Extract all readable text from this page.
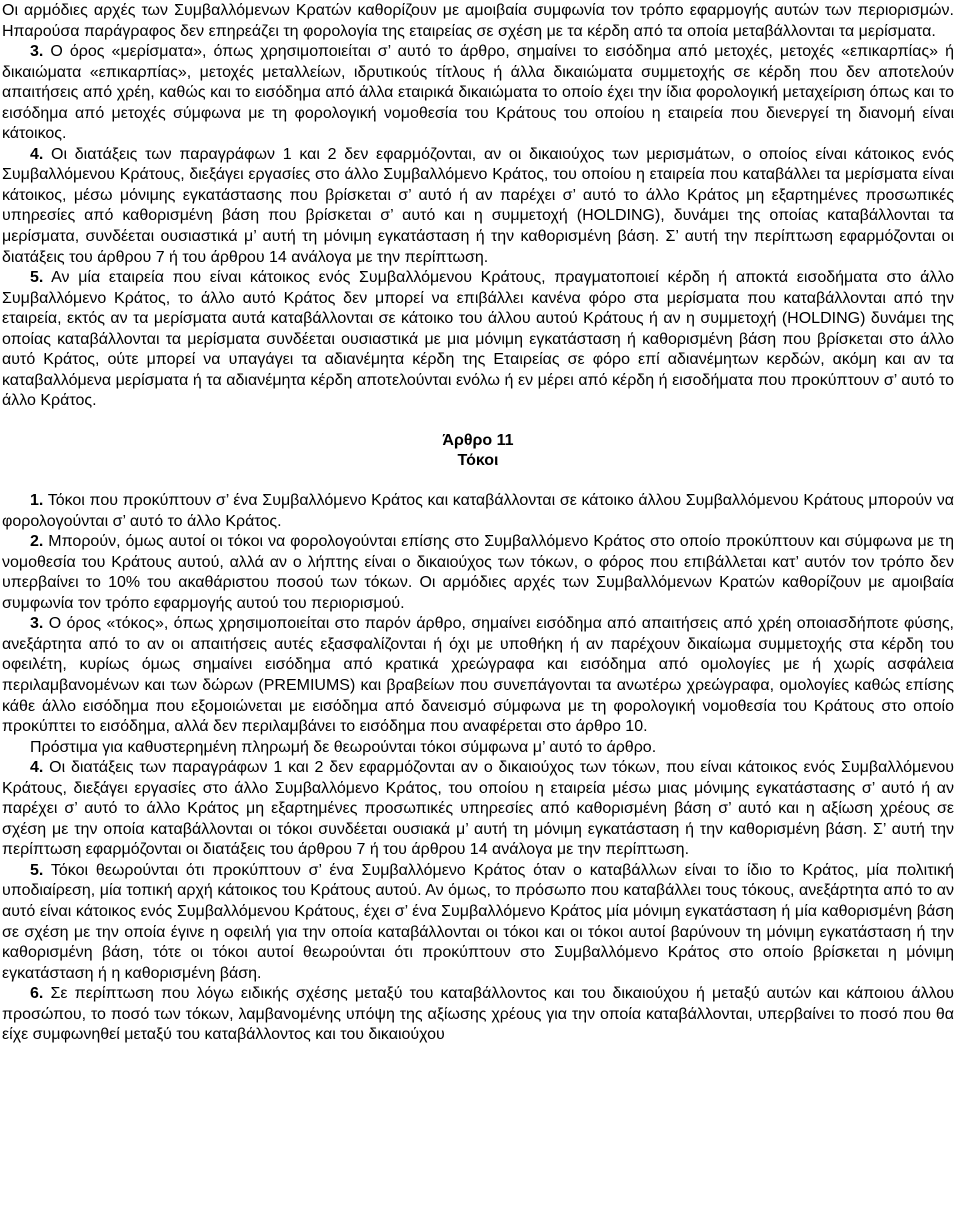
Οι αρμόδιες αρχές των Συμβαλλόμενων Κρατών καθορίζουν με αμοιβαία συμφωνία τον τρόπο εφαρμογής αυτών των περιορισμών. Ηπαρούσα παράγραφος δεν επηρεάζει τη φορολογία της εταιρείας σε σχέση με τα κέρδη από τα οποία μεταβάλλονται τα μερίσματα.

3. Ο όρος «μερίσματα», όπως χρησιμοποιείται σ’ αυτό το άρθρο, σημαίνει το εισόδημα από μετοχές, μετοχές «επικαρπίας» ή δικαιώματα «επικαρπίας», μετοχές μεταλλείων, ιδρυτικούς τίτλους ή άλλα δικαιώματα συμμετοχής σε κέρδη που δεν αποτελούν απαιτήσεις από χρέη, καθώς και το εισόδημα από άλλα εταιρικά δικαιώματα το οποίο έχει την ίδια φορολογική μεταχείριση όπως και το εισόδημα από μετοχές σύμφωνα με τη φορολογική νομοθεσία του Κράτους του οποίου η εταιρεία που διενεργεί τη διανομή είναι κάτοικος.

4. Οι διατάξεις των παραγράφων 1 και 2 δεν εφαρμόζονται, αν οι δικαιούχος των μερισμάτων, ο οποίος είναι κάτοικος ενός Συμβαλλόμενου Κράτους, διεξάγει εργασίες στο άλλο Συμβαλλόμενο Κράτος, του οποίου η εταιρεία που καταβάλλει τα μερίσματα είναι κάτοικος, μέσω μόνιμης εγκατάστασης που βρίσκεται σ’ αυτό ή αν παρέχει σ’ αυτό το άλλο Κράτος μη εξαρτημένες προσωπικές υπηρεσίες από καθορισμένη βάση που βρίσκεται σ’ αυτό και η συμμετοχή (HOLDING), δυνάμει της οποίας καταβάλλονται τα μερίσματα, συνδέεται ουσιαστικά μ’ αυτή τη μόνιμη εγκατάσταση ή την καθορισμένη βάση. Σ’ αυτή την περίπτωση εφαρμόζονται οι διατάξεις του άρθρου 7 ή του άρθρου 14 ανάλογα με την περίπτωση.

5. Αν μία εταιρεία που είναι κάτοικος ενός Συμβαλλόμενου Κράτους, πραγματοποιεί κέρδη ή αποκτά εισοδήματα στο άλλο Συμβαλλόμενο Κράτος, το άλλο αυτό Κράτος δεν μπορεί να επιβάλλει κανένα φόρο στα μερίσματα που καταβάλλονται από την εταιρεία, εκτός αν τα μερίσματα αυτά καταβάλλονται σε κάτοικο του άλλου αυτού Κράτους ή αν η συμμετοχή (HOLDING) δυνάμει της οποίας καταβάλλονται τα μερίσματα συνδέεται ουσιαστικά με μια μόνιμη εγκατάσταση ή καθορισμένη βάση που βρίσκεται στο άλλο αυτό Κράτος, ούτε μπορεί να υπαγάγει τα αδιανέμητα κέρδη της Εταιρείας σε φόρο επί αδιανέμητων κερδών, ακόμη και αν τα καταβαλλόμενα μερίσματα ή τα αδιανέμητα κέρδη αποτελούνται ενόλω ή εν μέρει από κέρδη ή εισοδήματα που προκύπτουν σ’ αυτό το άλλο Κράτος.

Άρθρο 11

Τόκοι

1. Τόκοι που προκύπτουν σ’ ένα Συμβαλλόμενο Κράτος και καταβάλλονται σε κάτοικο άλλου Συμβαλλόμενου Κράτους μπορούν να φορολογούνται σ’ αυτό το άλλο Κράτος.

2. Μπορούν, όμως αυτοί οι τόκοι να φορολογούνται επίσης στο Συμβαλλόμενο Κράτος στο οποίο προκύπτουν και σύμφωνα με τη νομοθεσία του Κράτους αυτού, αλλά αν ο λήπτης είναι ο δικαιούχος των τόκων, ο φόρος που επιβάλλεται κατ’ αυτόν τον τρόπο δεν υπερβαίνει το 10% του ακαθάριστου ποσού των τόκων. Οι αρμόδιες αρχές των Συμβαλλόμενων Κρατών καθορίζουν με αμοιβαία συμφωνία τον τρόπο εφαρμογής αυτού του περιορισμού.

3. Ο όρος «τόκος», όπως χρησιμοποιείται στο παρόν άρθρο, σημαίνει εισόδημα από απαιτήσεις από χρέη οποιασδήποτε φύσης, ανεξάρτητα από το αν οι απαιτήσεις αυτές εξασφαλίζονται ή όχι με υποθήκη ή αν παρέχουν δικαίωμα συμμετοχής στα κέρδη του οφειλέτη, κυρίως όμως σημαίνει εισόδημα από κρατικά χρεώγραφα και εισόδημα από ομολογίες με ή χωρίς ασφάλεια περιλαμβανομένων και των δώρων (PREMIUMS) και βραβείων που συνεπάγονται τα ανωτέρω χρεώγραφα, ομολογίες καθώς επίσης κάθε άλλο εισόδημα που εξομοιώνεται με εισόδημα από δανεισμό σύμφωνα με τη φορολογική νομοθεσία του Κράτους στο οποίο προκύπτει το εισόδημα, αλλά δεν περιλαμβάνει το εισόδημα που αναφέρεται στο άρθρο 10.

Πρόστιμα για καθυστερημένη πληρωμή δε θεωρούνται τόκοι σύμφωνα μ’ αυτό το άρθρο.

4. Οι διατάξεις των παραγράφων 1 και 2 δεν εφαρμόζονται αν ο δικαιούχος των τόκων, που είναι κάτοικος ενός Συμβαλλόμενου Κράτους, διεξάγει εργασίες στο άλλο Συμβαλλόμενο Κράτος, του οποίου η εταιρεία μέσω μιας μόνιμης εγκατάστασης σ’ αυτό ή αν παρέχει σ’ αυτό το άλλο Κράτος μη εξαρτημένες προσωπικές υπηρεσίες από καθορισμένη βάση σ’ αυτό και η αξίωση χρέους σε σχέση με την οποία καταβάλλονται οι τόκοι συνδέεται ουσιακά μ’ αυτή τη μόνιμη εγκατάσταση ή την καθορισμένη βάση. Σ’ αυτή την περίπτωση εφαρμόζονται οι διατάξεις του άρθρου 7 ή του άρθρου 14 ανάλογα με την περίπτωση.

5. Τόκοι θεωρούνται ότι προκύπτουν σ’ ένα Συμβαλλόμενο Κράτος όταν ο καταβάλλων είναι το ίδιο το Κράτος, μία πολιτική υποδιαίρεση, μία τοπική αρχή κάτοικος του Κράτους αυτού. Αν όμως, το πρόσωπο που καταβάλλει τους τόκους, ανεξάρτητα από το αν αυτό είναι κάτοικος ενός Συμβαλλόμενου Κράτους, έχει σ’ ένα Συμβαλλόμενο Κράτος μία μόνιμη εγκατάσταση ή μία καθορισμένη βάση σε σχέση με την οποία έγινε η οφειλή για την οποία καταβάλλονται οι τόκοι και οι τόκοι αυτοί βαρύνουν τη μόνιμη εγκατάσταση ή την καθορισμένη βάση, τότε οι τόκοι αυτοί θεωρούνται ότι προκύπτουν στο Συμβαλλόμενο Κράτος στο οποίο βρίσκεται η μόνιμη εγκατάσταση ή η καθορισμένη βάση.

6. Σε περίπτωση που λόγω ειδικής σχέσης μεταξύ του καταβάλλοντος και του δικαιούχου ή μεταξύ αυτών και κάποιου άλλου προσώπου, το ποσό των τόκων, λαμβανομένης υπόψη της αξίωσης χρέους για την οποία καταβάλλονται, υπερβαίνει το ποσό που θα είχε συμφωνηθεί μεταξύ του καταβάλλοντος και του δικαιούχου
